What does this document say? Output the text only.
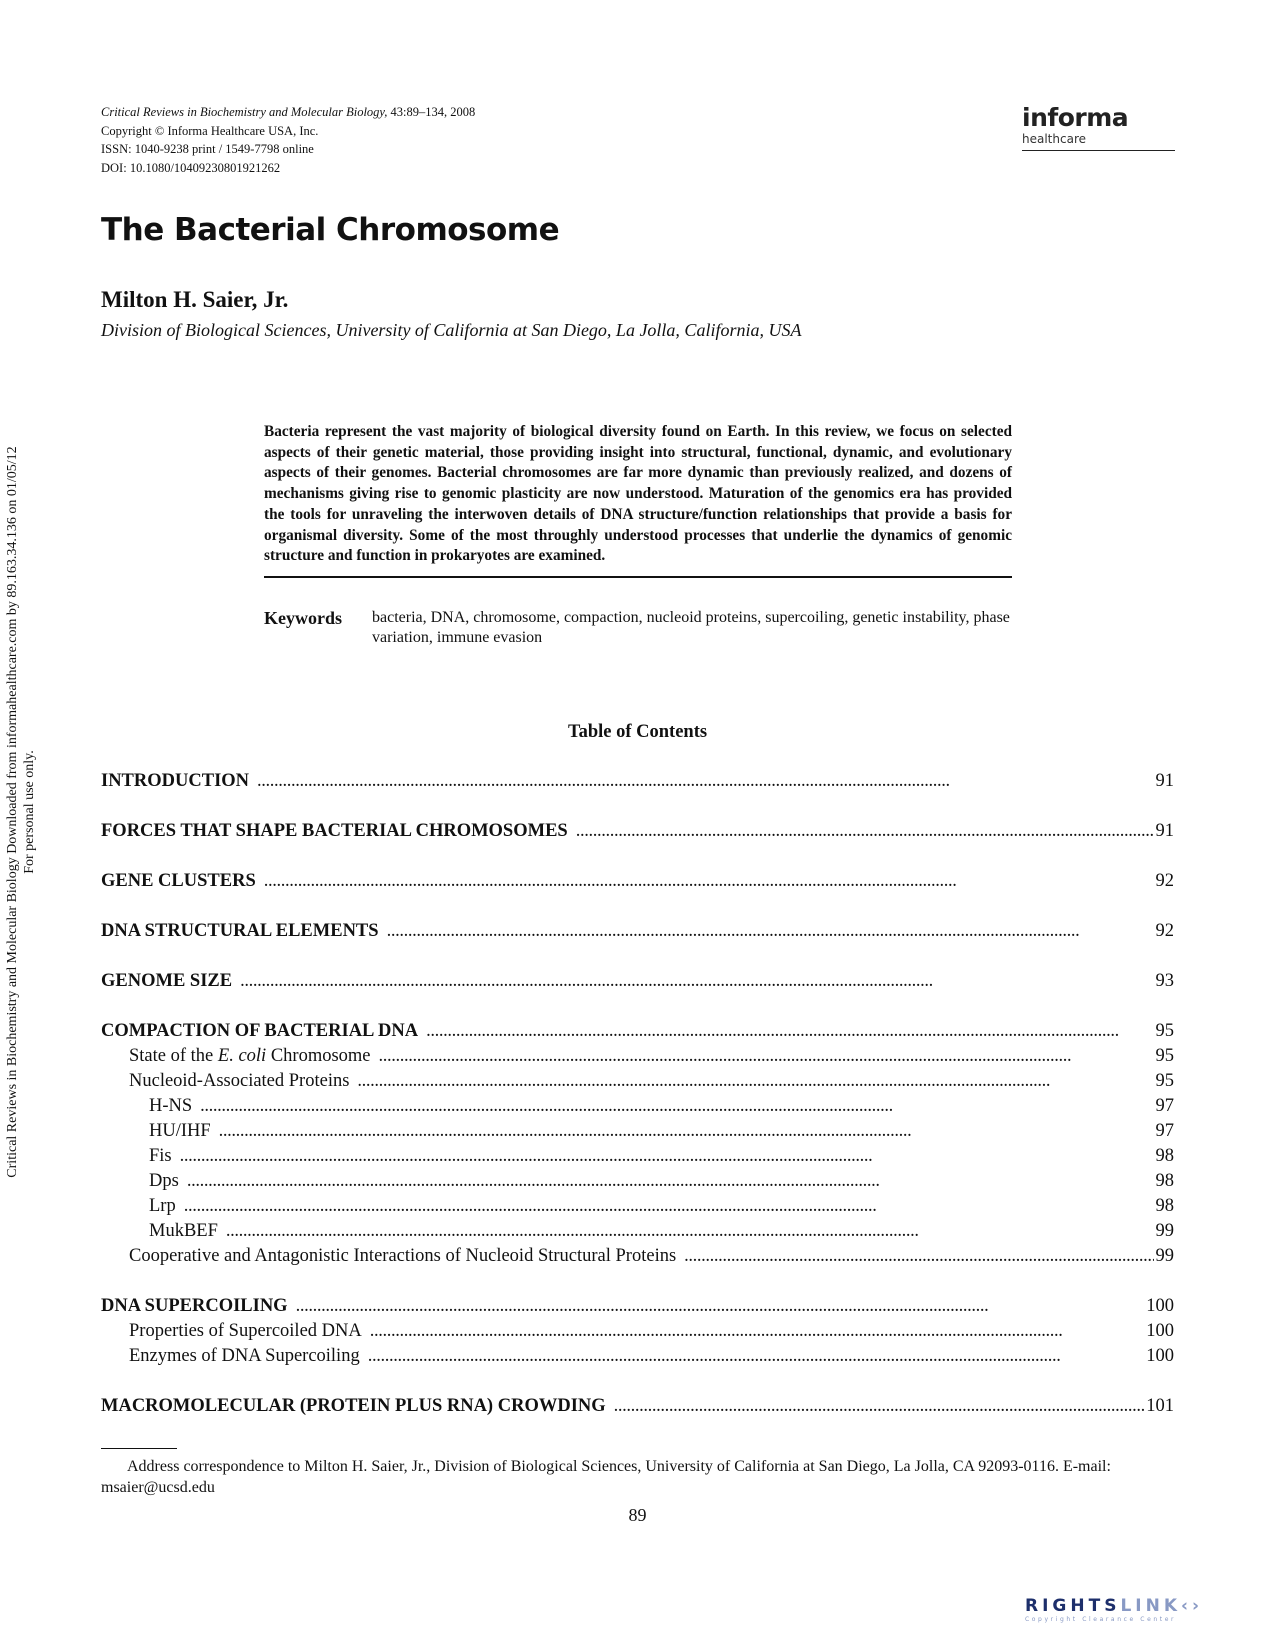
Critical Reviews in Biochemistry and Molecular Biology, 43:89–134, 2008
Copyright © Informa Healthcare USA, Inc.
ISSN: 1040-9238 print / 1549-7798 online
DOI: 10.1080/10409230801921262
informa
healthcare
The Bacterial Chromosome
Milton H. Saier, Jr.
Division of Biological Sciences, University of California at San Diego, La Jolla, California, USA
Critical Reviews in Biochemistry and Molecular Biology Downloaded from informahealthcare.com by 89.163.34.136 on 01/05/12 For personal use only.
Bacteria represent the vast majority of biological diversity found on Earth. In this review, we focus on selected aspects of their genetic material, those providing insight into structural, functional, dynamic, and evolutionary aspects of their genomes. Bacterial chromosomes are far more dynamic than previously realized, and dozens of mechanisms giving rise to genomic plasticity are now understood. Maturation of the genomics era has provided the tools for unraveling the interwoven details of DNA structure/function relationships that provide a basis for organismal diversity. Some of the most throughly understood processes that underlie the dynamics of genomic structure and function in prokaryotes are examined.
Keywords	bacteria, DNA, chromosome, compaction, nucleoid proteins, supercoiling, genetic instability, phase variation, immune evasion
Table of Contents
INTRODUCTION . . .	91
FORCES THAT SHAPE BACTERIAL CHROMOSOMES . . .	91
GENE CLUSTERS . . .	92
DNA STRUCTURAL ELEMENTS . . .	92
GENOME SIZE . . .	93
COMPACTION OF BACTERIAL DNA . . .	95
State of the E. coli Chromosome . . .	95
Nucleoid-Associated Proteins . . .	95
H-NS . . .	97
HU/IHF . . .	97
Fis . . .	98
Dps . . .	98
Lrp . . .	98
MukBEF . . .	99
Cooperative and Antagonistic Interactions of Nucleoid Structural Proteins . . .	99
DNA SUPERCOILING . . .	100
Properties of Supercoiled DNA . . .	100
Enzymes of DNA Supercoiling . . .	100
MACROMOLECULAR (PROTEIN PLUS RNA) CROWDING . . .	101
Address correspondence to Milton H. Saier, Jr., Division of Biological Sciences, University of California at San Diego, La Jolla, CA 92093-0116. E-mail: msaier@ucsd.edu
89
RIGHTSLINK‹›
Copyright Clearance Center
